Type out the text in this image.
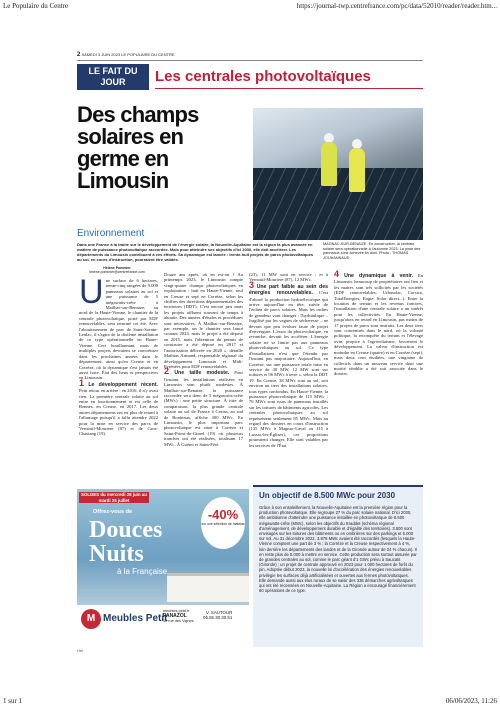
Le Populaire du Centre	https://journal-twp.centrefrance.com/pc/data/52010/reader/reader.htm...
2 SAMEDI 3 JUIN 2023 LE POPULAIRE DU CENTRE
LE FAIT DU JOUR	Les centrales photovoltaïques
Des champs solaires en germe en Limousin
Environnement
Dans une France à la traîne sur le développement de l'énergie solaire, la Nouvelle-Aquitaine est la région la plus avancée en matière de puissance photovoltaïque raccordée. Mais pour atteindre ses objectifs d'ici 2030, elle doit accélérer. Les départements du Limousin contribuent à ces efforts. Sa dynamique est lancée : trente-huit projets de parcs photovoltaïques au sol, en cours d'instruction, pourraient être validés.
MAGNAC-SUR-BENAIZE. En construction, la centrale solaire sera opérationnelle à l'automne 2023. La pose des panneaux s'est achevée fin avril. Photo : THOMAS JOUHANNAUD
Hélène Pommier
helene.pommier@centrefrance.com
U ne surface de 6 hectares, trente-cinq rangées de 9.000 panneaux solaires au sol et une puissance de 5 mégawatts-crête : à Mailhac-sur-Benaize, au nord de la Haute-Vienne, le chantier de la centrale photovoltaïque, porté par EDF renouvelables, sera terminé cet été. Avec l'aboutissement de parc de Saint-Sornin-Leulac, il s'agira de la dixième installation de ce type opérationnelle en Haute-Vienne. Ceci bouillonnant, mais de multiples projets devraient se concrétiser dans les prochaines années dans le département, ainsi qu'en Creuse et en Corrèze, où la dynamique s'est jamais été aussi forte. État des lieux et perspectives en Limousin.
1 Le développement récent. Petit retour en arrière : en 2016, il n'y avait rien. La première centrale solaire au sol entre en fonctionnement et est celle de Rennes, en Creuse, en 2017. Les deux autres départements ont eu plus de retard à l'allumage puisqu'il a fallu attendre 2022 pour la mise en service des parcs de Vernouil-Mouriere (87) et de Gros-Chastang (19).
Douze ans après, où en est-on ? Au printemps 2023, le Limousin compte vingt-quatre champs photovoltaïques en exploitation : huit en Haute-Vienne, seul en Creuse et sept en Corrèze, selon les chiffres des directions départementales des territoires (DDT). C'est encore peu mais les projets affluent souvent de temps à aboutir. Des années d'études et procédures sont nécessaires. À Mailhac-sur-Benaize, par exemple, un le chantier sera lancé courant 2023, mais le projet a été déposé en 2015, mais l'obtention du permis de construire a été déposé en 2017 et l'autorisation délivrée en 2020 », détaille Mathias Armand, responsable régional du développement Limousin et Midi-Pyrénées pour EDF renouvelables.
2 Une taille modeste. Pour l'instant, les installations réalisées en Limousin sont plutôt modestes. À Mailhac-sur-Benaize, la puissance raccordée sera donc de 5 mégawatts-crête (MWc) : une petite structure. À titre de comparaison, la plus grande centrale solaire au sol de France à Cestas, au sud de Bordeaux, affiche 300 MWc. En Limousin, le plus important parc photovoltaïque est situé à Corrèze et Saint-Priest-de-Gimel (19) où plusieurs tranches ont été réalisées, totalisant 17 MWc. À Guéret et Saint-Féol
(23), 11 MW sont en service ; et à Vernouil-Mouriere (87), 12 MWc.
3 Une part faible au sein des énergies renouvelables. C'est d'abord la production hydroélectrique qui arrive aujourd'hui en tête, suivie de l'éolien de parcs solaires. Mais les ordres de grandeur vont changer : l'hydraulique – fragilisé par les vagues de sécheresse – ne devrait que peu évoluer faute de projet d'envergure. L'essor du photovoltaïque, en revanche, devrait les accélérer. L'énergie solaire ne se limite pas aux panneaux photovoltaïques au sol. Ce type d'installations n'est que l'étendu par l'instant pas majoritaire. Aujourd'hui, en Corrèze, sur une puissance totale mise en service de 40 MW, 12 MW sont sur toitures et 96 MWc à terre », selon la DDT 19. En Creuse, 38 MWc sont au sol, soit environ un tiers des installations solaires, tous types confondus. En Haute-Vienne, la puissance photovoltaïque de 115 MWc : 76 MWc sont issus de panneaux installés sur les toitures de bâtiments agricoles. Les centrales photovoltaïques au sol représentent seulement 85 MWc. Mais au regard des dossiers en cours d'instruction (135 MWc à Magnac-Laval ou 115 à Lussac-les-Églises), ces proportions pourraient changer. Elle sont valables par les services de l'État.
4 Une dynamique à venir. En Limousin, beaucoup de propriétaires ont lieu et les maires sont très sollicités par les sociétés (EDF renouvelables, Urbasolar, Corsica, TotalEnergies, Engie, Solar direct...). Entre la location de terrain et les revenus fonciers, l'installation d'une centrale solaire a un intérêt pour les collectivités. En Haute-Vienne, jusqu'alors en retard en Limousin, pas moins de 17 projets de parcs sont instruits. Les deux tiers sont concentrés dans le nord, où la volonté politique, la reconquête du terrain et l'élevage ovin, propice à l'agrivoltaïsme, favorisent le développement. La valeur d'instruction est moindre en Creuse (quatre) et en Corrèze (sept), mais deux cent étudiées, une vingtaine de collectifs dans un nouveau service dont une moitié rétablie a été soit associée dans le dossier.
SOLDES du mercredi 28 juin au mardi 25 juillet
Offrez-vous de
Douces
Nuits
à la Française
-40%
sur une sélection de matelas
M Meubles Petit
meubles-petit.fr
PANAZOL
10 rue des Vignes
V. SAUTOUR
05.55.30.30.51
Un objectif de 8.500 MWc pour 2030
Grâce à son ensoleillement, la Nouvelle-Aquitaine est la première région pour la production photovoltaïque. Elle regroupe 27 % du parc solaire national. D'ici 2030, elle ambitionne d'atteindre une puissance installée en photovoltaïque de 8.500 mégawatts-crête (MWc), selon les objectifs du Sraddet (schéma régional d'aménagement, de développement durable et d'égalité des territoires). 3.500 sont envisagés sur les toitures des bâtiments ou en ombrières sur des parkings et 5.000 sur sol. Au 31 décembre 2022, 3.876 MWc avaient été raccordés (lesquels la Haute-Vienne comptent une part de 3 % ; la Corrèze et la Creuse respectivement à 4 %, loin derrière les départements des landes et de la Gironde autour de 24 % chacun). Il en reste plus de 5.000 à mettre en service. Cette production sera surtout assurée par de grandes centrales au sol, comme le parc géant d'1 GWc prévu à Saucats (Gironde) ; un projet de centrale approuvé en 2023 pour 1 000 hectares de forêt du pin. Adoptée début 2023, la nouvelle loi d'accélération des énergies renouvelables privilégie les surfaces déjà artificialisées et ouvertes aux fermes photovoltaïques. Elle demande aussi aux élus ruraux de se saisir des 336 démarches agrivoltaïques qui ont été recensées en Nouvelle-Aquitaine. La Région a encouragé financièrement 60 opérations de ce type.
Hbl
1 sur 1	06/06/2023, 11:26
